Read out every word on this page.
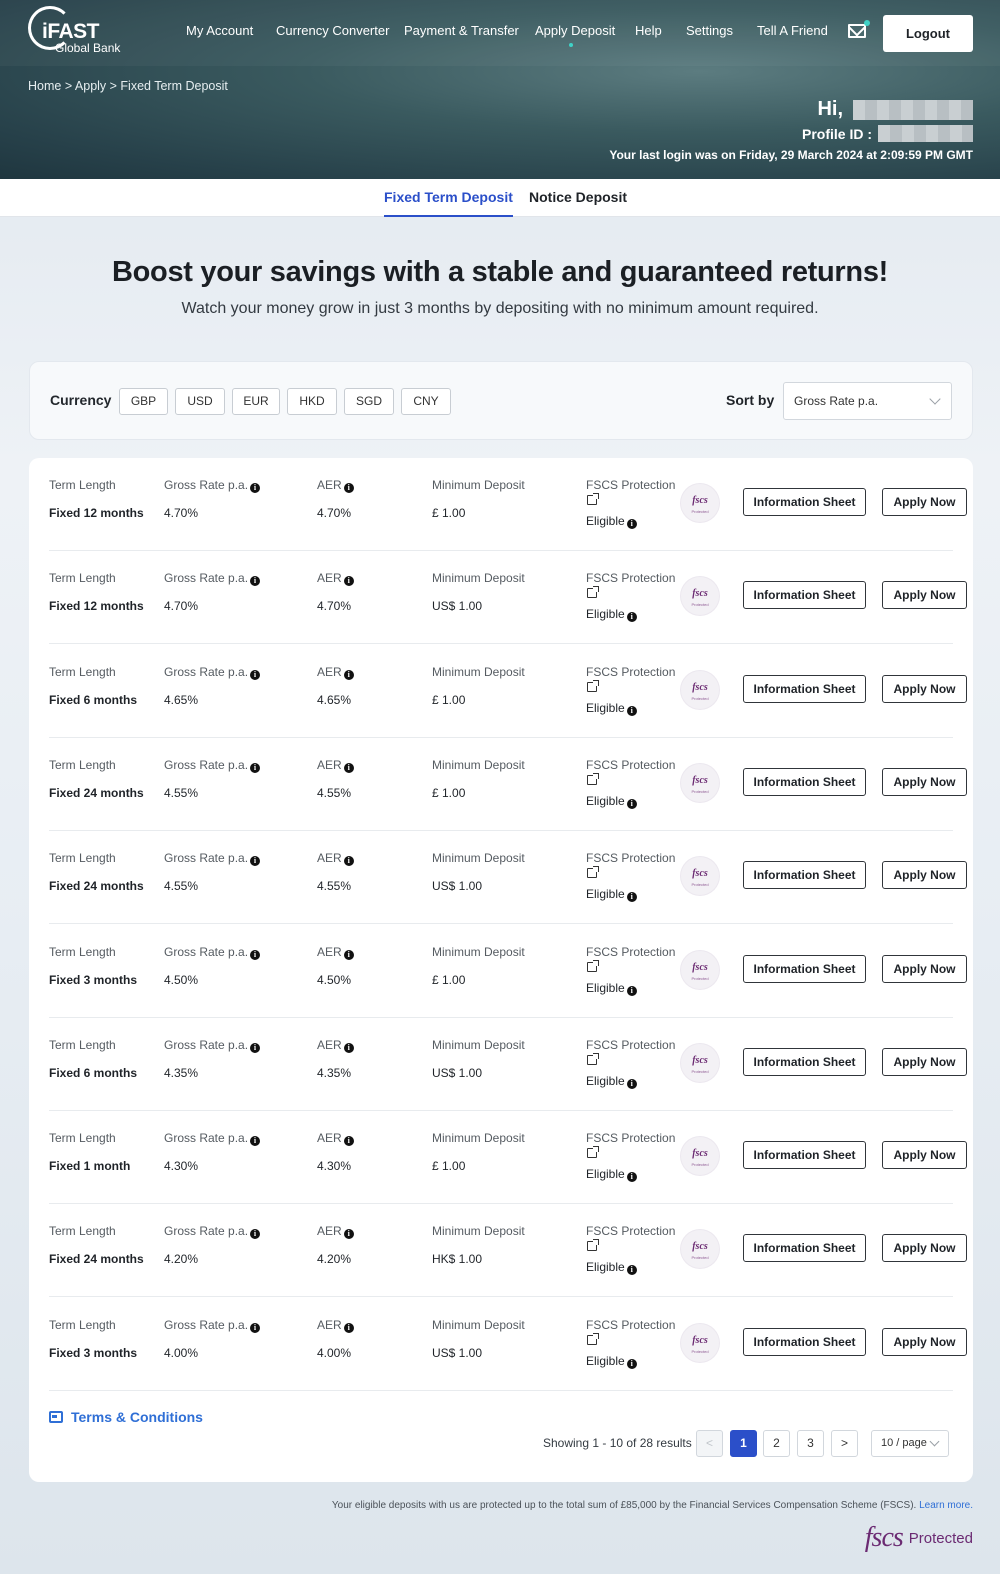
iFAST
Global Bank
My Account Currency Converter Payment & Transfer Apply Deposit Help Settings Tell A Friend	Logout
Home > Apply > Fixed Term Deposit
Hi,
Profile ID :
Your last login was on Friday, 29 March 2024 at 2:09:59 PM GMT
Fixed Term Deposit Notice Deposit
Boost your savings with a stable and guaranteed returns!
Watch your money grow in just 3 months by depositing with no minimum amount required.
Currency	GBP	USD	EUR	HKD	SGD	CNY	Sort by	Gross Rate p.a.
Term Length
Fixed 12 months
Gross Rate p.a. i
4.70%
AER i
4.70%
Minimum Deposit
£ 1.00
FSCS Protection
Eligible i
fscs
Protected
Information Sheet	Apply Now
Term Length
Fixed 12 months
Gross Rate p.a. i
4.70%
AER i
4.70%
Minimum Deposit
US$ 1.00
FSCS Protection
Eligible i
fscs
Protected
Information Sheet	Apply Now
Term Length
Fixed 6 months
Gross Rate p.a. i
4.65%
AER i
4.65%
Minimum Deposit
£ 1.00
FSCS Protection
Eligible i
fscs
Protected
Information Sheet	Apply Now
Term Length
Fixed 24 months
Gross Rate p.a. i
4.55%
AER i
4.55%
Minimum Deposit
£ 1.00
FSCS Protection
Eligible i
fscs
Protected
Information Sheet	Apply Now
Term Length
Fixed 24 months
Gross Rate p.a. i
4.55%
AER i
4.55%
Minimum Deposit
US$ 1.00
FSCS Protection
Eligible i
fscs
Protected
Information Sheet	Apply Now
Term Length
Fixed 3 months
Gross Rate p.a. i
4.50%
AER i
4.50%
Minimum Deposit
£ 1.00
FSCS Protection
Eligible i
fscs
Protected
Information Sheet	Apply Now
Term Length
Fixed 6 months
Gross Rate p.a. i
4.35%
AER i
4.35%
Minimum Deposit
US$ 1.00
FSCS Protection
Eligible i
fscs
Protected
Information Sheet	Apply Now
Term Length
Fixed 1 month
Gross Rate p.a. i
4.30%
AER i
4.30%
Minimum Deposit
£ 1.00
FSCS Protection
Eligible i
fscs
Protected
Information Sheet	Apply Now
Term Length
Fixed 24 months
Gross Rate p.a. i
4.20%
AER i
4.20%
Minimum Deposit
HK$ 1.00
FSCS Protection
Eligible i
fscs
Protected
Information Sheet	Apply Now
Term Length
Fixed 3 months
Gross Rate p.a. i
4.00%
AER i
4.00%
Minimum Deposit
US$ 1.00
FSCS Protection
Eligible i
fscs
Protected
Information Sheet	Apply Now
Terms & Conditions
Showing 1 - 10 of 28 results	<	1	2	3	>	10 / page
Your eligible deposits with us are protected up to the total sum of £85,000 by the Financial Services Compensation Scheme (FSCS). Learn more.
fscs Protected
